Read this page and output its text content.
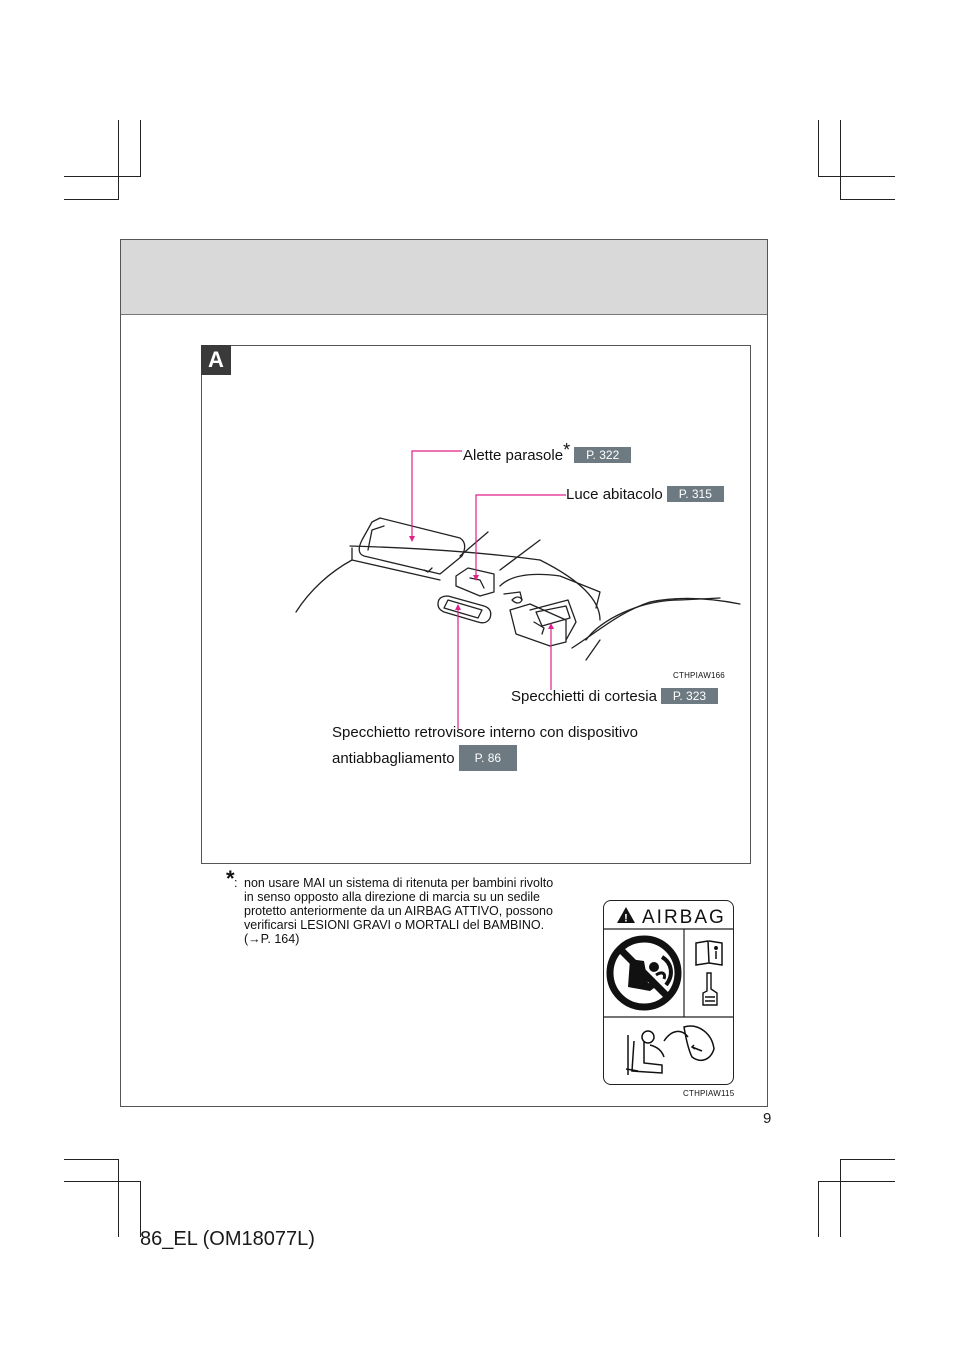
A
Alette parasole* P. 322
Luce abitacolo P. 315
CTHPIAW166
Specchietti di cortesia P. 323
Specchietto retrovisore interno con dispositivo
antiabbagliamento P. 86
* : non usare MAI un sistema di ritenuta per bambini rivolto
in senso opposto alla direzione di marcia su un sedile
protetto anteriormente da un AIRBAG ATTIVO, possono
verificarsi LESIONI GRAVI o MORTALI del BAMBINO.
(→P. 164)
! AIRBAG
CTHPIAW115
9
86_EL (OM18077L)
